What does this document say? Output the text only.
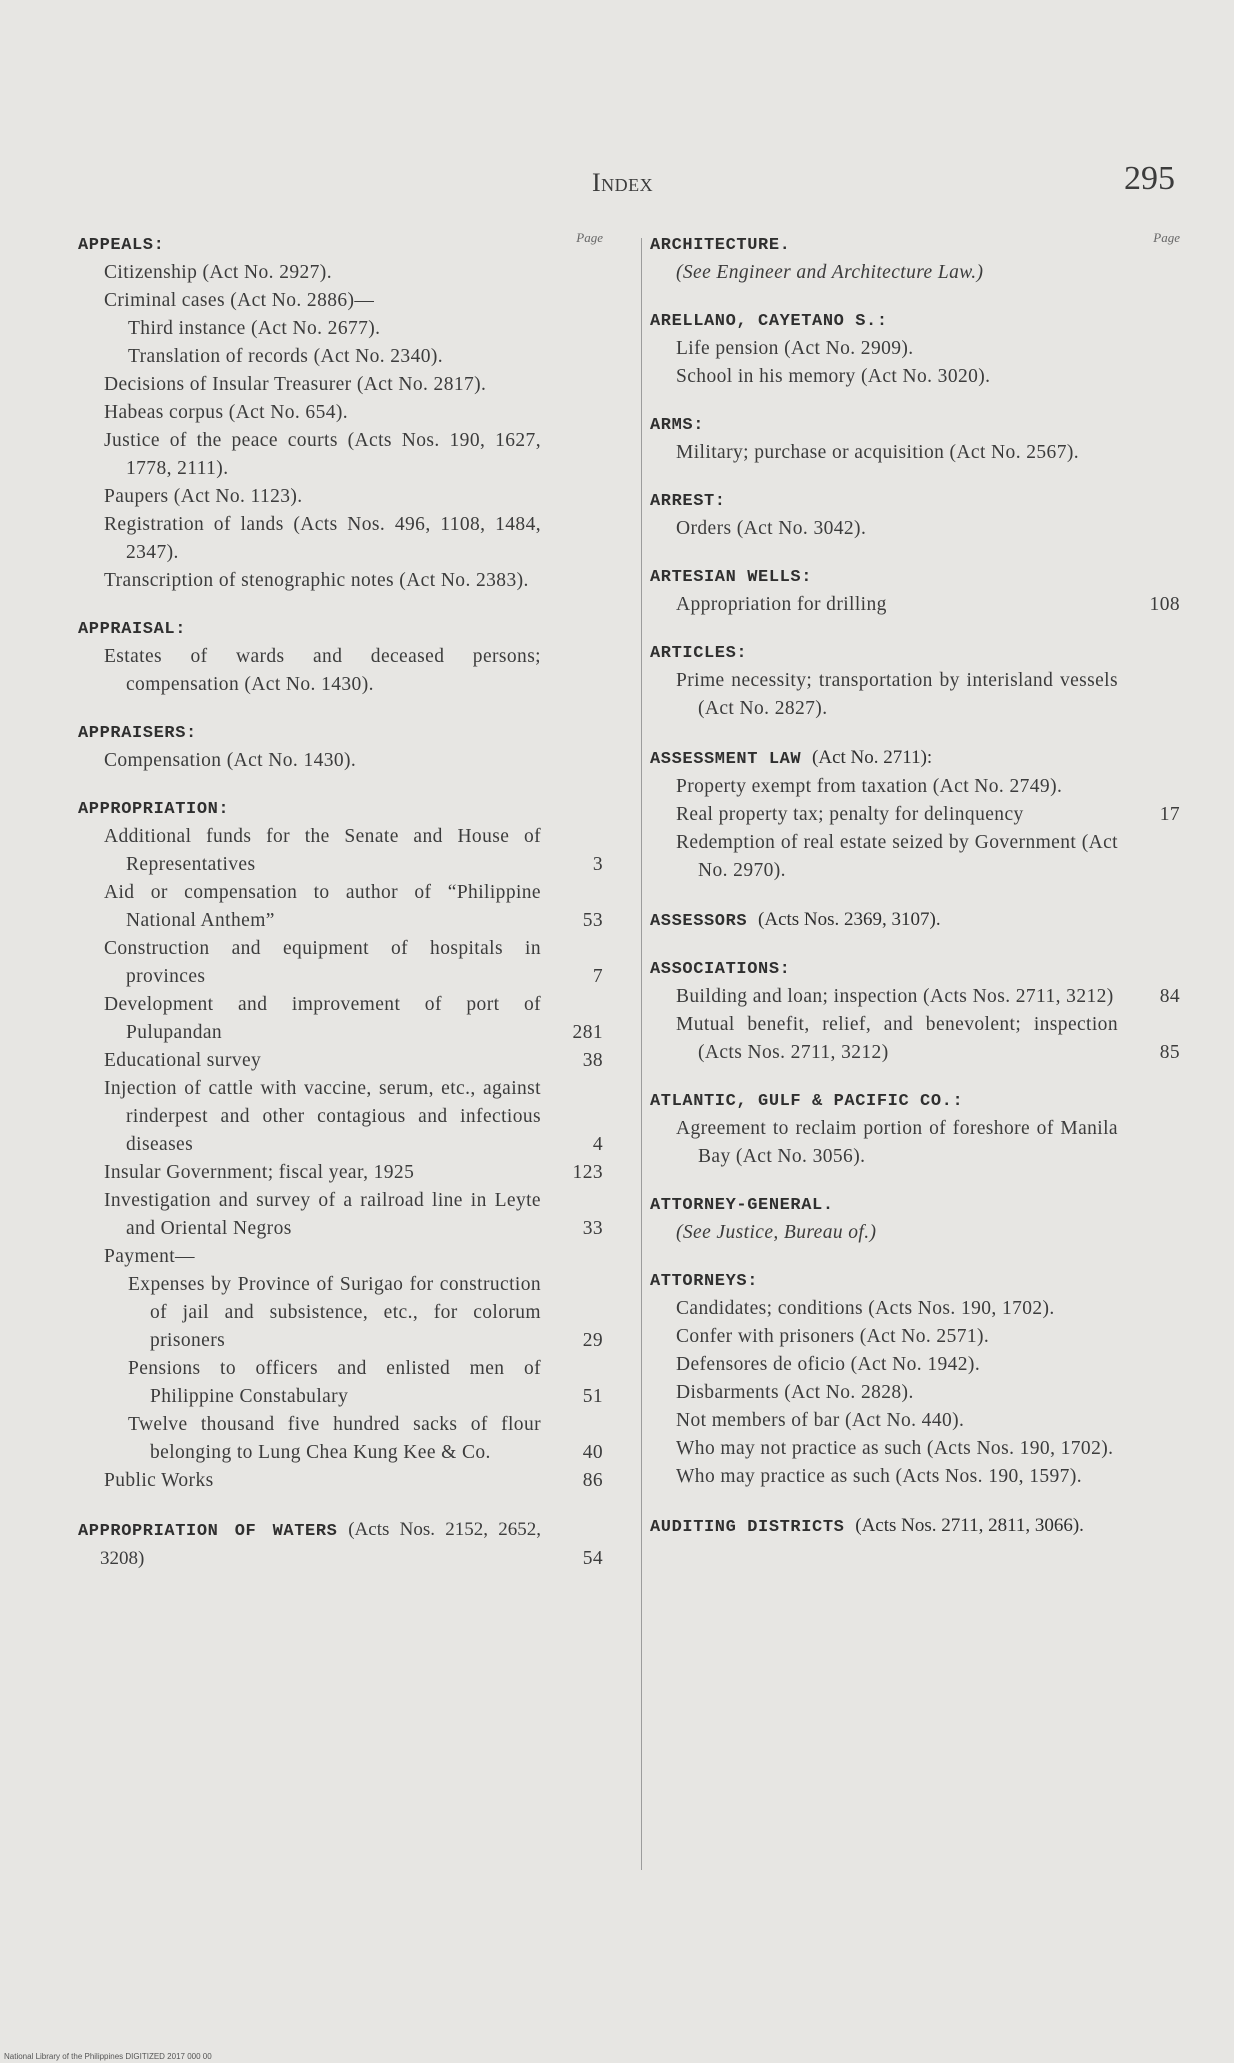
Index	295
Page
APPEALS:
Citizenship (Act No. 2927).
Criminal cases (Act No. 2886)—
Third instance (Act No. 2677).
Translation of records (Act No. 2340).
Decisions of Insular Treasurer (Act No. 2817).
Habeas corpus (Act No. 654).
Justice of the peace courts (Acts Nos. 190, 1627, 1778, 2111).
Paupers (Act No. 1123).
Registration of lands (Acts Nos. 496, 1108, 1484, 2347).
Transcription of stenographic notes (Act No. 2383).
APPRAISAL:
Estates of wards and deceased persons; compensation (Act No. 1430).
APPRAISERS:
Compensation (Act No. 1430).
APPROPRIATION:
Additional funds for the Senate and House of Representatives	3
Aid or compensation to author of “Philippine National Anthem”	53
Construction and equipment of hospitals in provinces	7
Development and improvement of port of Pulupandan	281
Educational survey	38
Injection of cattle with vaccine, serum, etc., against rinderpest and other contagious and infectious diseases	4
Insular Government; fiscal year, 1925	123
Investigation and survey of a railroad line in Leyte and Oriental Negros	33
Payment—
Expenses by Province of Surigao for construction of jail and subsistence, etc., for colorum prisoners	29
Pensions to officers and enlisted men of Philippine Constabulary	51
Twelve thousand five hundred sacks of flour belonging to Lung Chea Kung Kee & Co.	40
Public Works	86
APPROPRIATION OF WATERS (Acts Nos. 2152, 2652, 3208)	54
Page
ARCHITECTURE.
(See Engineer and Architecture Law.)
ARELLANO, CAYETANO S.:
Life pension (Act No. 2909).
School in his memory (Act No. 3020).
ARMS:
Military; purchase or acquisition (Act No. 2567).
ARREST:
Orders (Act No. 3042).
ARTESIAN WELLS:
Appropriation for drilling	108
ARTICLES:
Prime necessity; transportation by interisland vessels (Act No. 2827).
ASSESSMENT LAW (Act No. 2711):
Property exempt from taxation (Act No. 2749).
Real property tax; penalty for delinquency	17
Redemption of real estate seized by Government (Act No. 2970).
ASSESSORS (Acts Nos. 2369, 3107).
ASSOCIATIONS:
Building and loan; inspection (Acts Nos. 2711, 3212)	84
Mutual benefit, relief, and benevolent; inspection (Acts Nos. 2711, 3212)	85
ATLANTIC, GULF & PACIFIC CO.:
Agreement to reclaim portion of foreshore of Manila Bay (Act No. 3056).
ATTORNEY-GENERAL.
(See Justice, Bureau of.)
ATTORNEYS:
Candidates; conditions (Acts Nos. 190, 1702).
Confer with prisoners (Act No. 2571).
Defensores de oficio (Act No. 1942).
Disbarments (Act No. 2828).
Not members of bar (Act No. 440).
Who may not practice as such (Acts Nos. 190, 1702).
Who may practice as such (Acts Nos. 190, 1597).
AUDITING DISTRICTS (Acts Nos. 2711, 2811, 3066).
National Library of the Philippines DIGITIZED 2017 000 00
